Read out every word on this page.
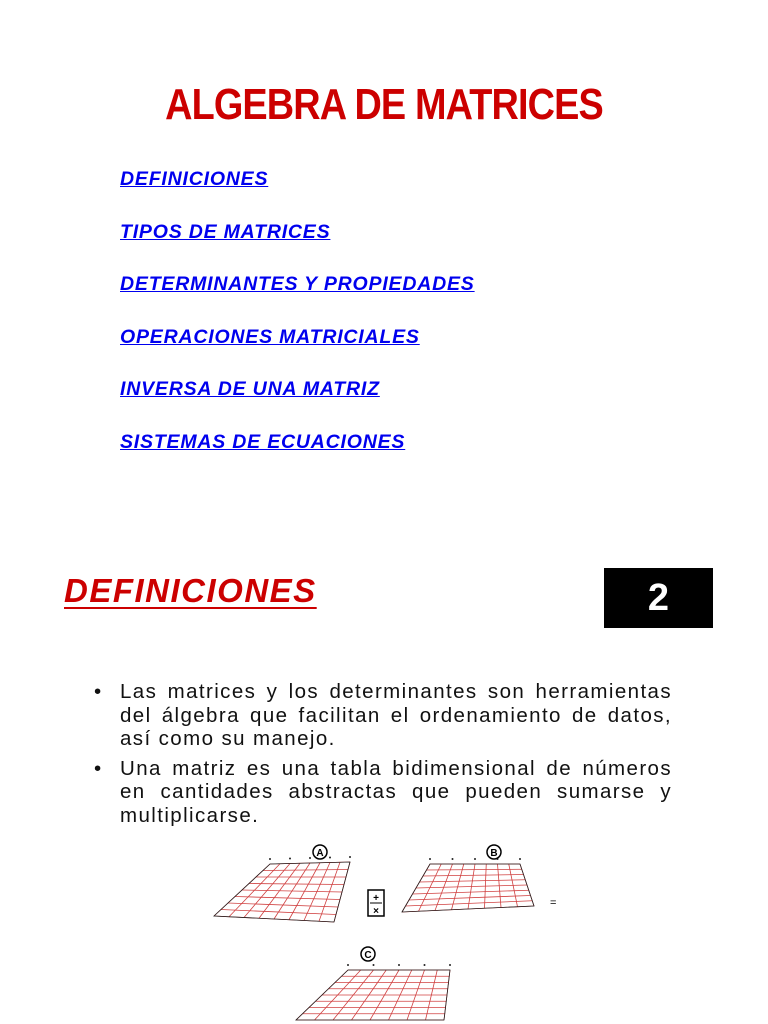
ALGEBRA DE MATRICES
DEFINICIONES
TIPOS DE MATRICES
DETERMINANTES Y PROPIEDADES
OPERACIONES MATRICIALES
INVERSA DE UNA MATRIZ
SISTEMAS DE ECUACIONES
DEFINICIONES	2
• Las matrices y los determinantes son herramientas del álgebra que facilitan el ordenamiento de datos, así como su manejo.
• Una matriz es una tabla bidimensional de números en cantidades abstractas que pueden sumarse y multiplicarse.
A	B
C
+
×
=
